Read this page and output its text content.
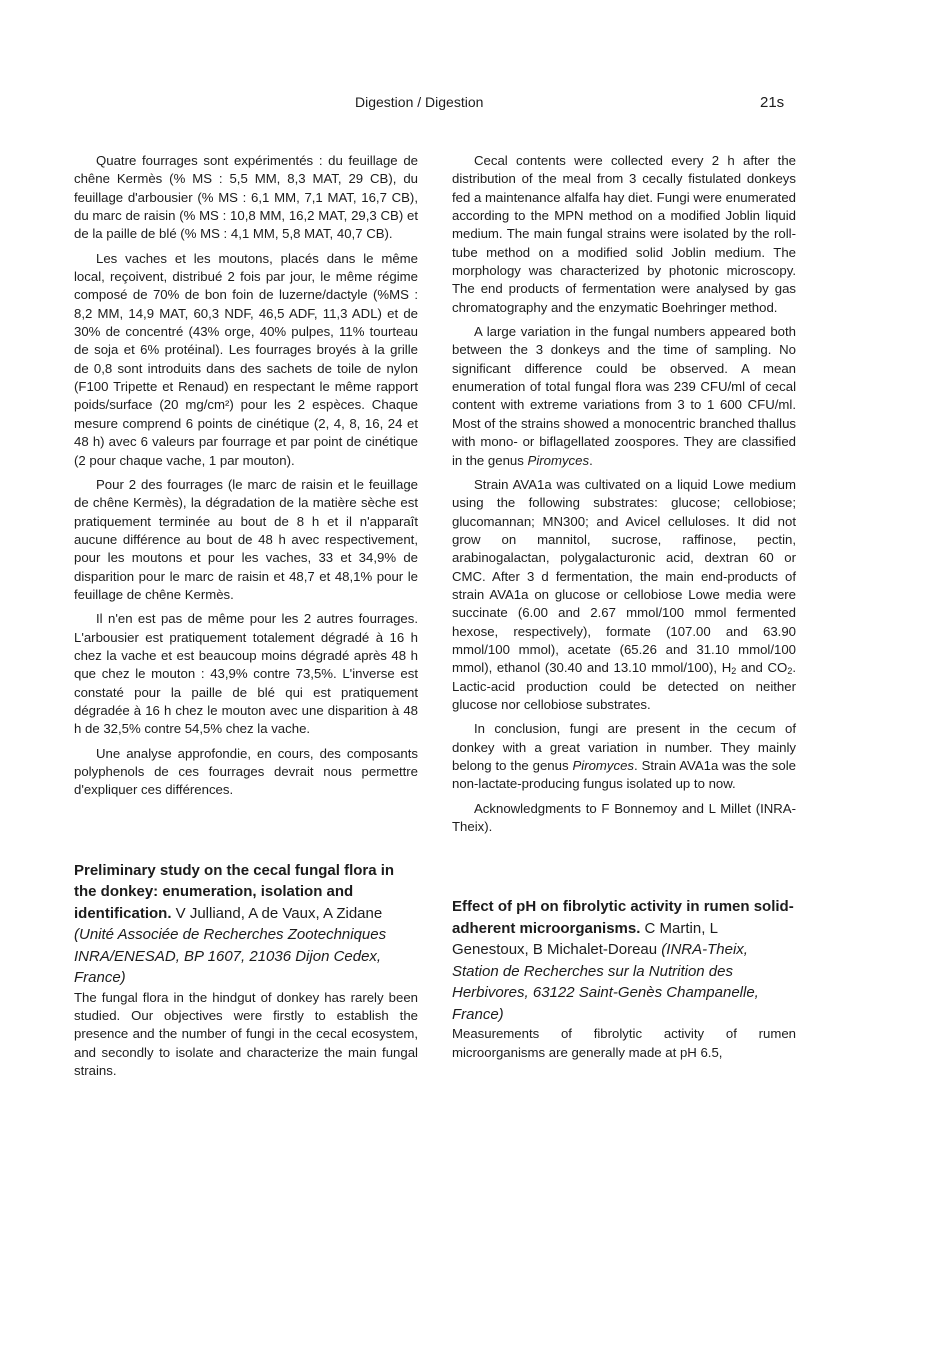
Digestion / Digestion	21s

Quatre fourrages sont expérimentés : du feuillage de chêne Kermès (% MS : 5,5 MM, 8,3 MAT, 29 CB), du feuillage d'arbousier (% MS : 6,1 MM, 7,1 MAT, 16,7 CB), du marc de raisin (% MS : 10,8 MM, 16,2 MAT, 29,3 CB) et de la paille de blé (% MS : 4,1 MM, 5,8 MAT, 40,7 CB).

Les vaches et les moutons, placés dans le même local, reçoivent, distribué 2 fois par jour, le même régime composé de 70% de bon foin de luzerne/dactyle (%MS : 8,2 MM, 14,9 MAT, 60,3 NDF, 46,5 ADF, 11,3 ADL) et de 30% de concentré (43% orge, 40% pulpes, 11% tourteau de soja et 6% protéinal). Les fourrages broyés à la grille de 0,8 sont introduits dans des sachets de toile de nylon (F100 Tripette et Renaud) en respectant le même rapport poids/surface (20 mg/cm²) pour les 2 espèces. Chaque mesure comprend 6 points de cinétique (2, 4, 8, 16, 24 et 48 h) avec 6 valeurs par fourrage et par point de cinétique (2 pour chaque vache, 1 par mouton).

Pour 2 des fourrages (le marc de raisin et le feuillage de chêne Kermès), la dégradation de la matière sèche est pratiquement terminée au bout de 8 h et il n'apparaît aucune différence au bout de 48 h avec respectivement, pour les moutons et pour les vaches, 33 et 34,9% de disparition pour le marc de raisin et 48,7 et 48,1% pour le feuillage de chêne Kermès.

Il n'en est pas de même pour les 2 autres fourrages. L'arbousier est pratiquement totalement dégradé à 16 h chez la vache et est beaucoup moins dégradé après 48 h que chez le mouton : 43,9% contre 73,5%. L'inverse est constaté pour la paille de blé qui est pratiquement dégradée à 16 h chez le mouton avec une disparition à 48 h de 32,5% contre 54,5% chez la vache.

Une analyse approfondie, en cours, des composants polyphenols de ces fourrages devrait nous permettre d'expliquer ces différences.

Preliminary study on the cecal fungal flora in the donkey: enumeration, isolation and identification. V Julliand, A de Vaux, A Zidane (Unité Associée de Recherches Zootechniques INRA/ENESAD, BP 1607, 21036 Dijon Cedex, France)

The fungal flora in the hindgut of donkey has rarely been studied. Our objectives were firstly to establish the presence and the number of fungi in the cecal ecosystem, and secondly to isolate and characterize the main fungal strains.

Cecal contents were collected every 2 h after the distribution of the meal from 3 cecally fistulated donkeys fed a maintenance alfalfa hay diet. Fungi were enumerated according to the MPN method on a modified Joblin liquid medium. The main fungal strains were isolated by the roll-tube method on a modified solid Joblin medium. The morphology was characterized by photonic microscopy. The end products of fermentation were analysed by gas chromatography and the enzymatic Boehringer method.

A large variation in the fungal numbers appeared both between the 3 donkeys and the time of sampling. No significant difference could be observed. A mean enumeration of total fungal flora was 239 CFU/ml of cecal content with extreme variations from 3 to 1 600 CFU/ml. Most of the strains showed a monocentric branched thallus with mono- or biflagellated zoospores. They are classified in the genus Piromyces.

Strain AVA1a was cultivated on a liquid Lowe medium using the following substrates: glucose; cellobiose; glucomannan; MN300; and Avicel celluloses. It did not grow on mannitol, sucrose, raffinose, pectin, arabinogalactan, polygalacturonic acid, dextran 60 or CMC. After 3 d fermentation, the main end-products of strain AVA1a on glucose or cellobiose Lowe media were succinate (6.00 and 2.67 mmol/100 mmol fermented hexose, respectively), formate (107.00 and 63.90 mmol/100 mmol), acetate (65.26 and 31.10 mmol/100 mmol), ethanol (30.40 and 13.10 mmol/100), $H_2$ and $CO_2$. Lactic-acid production could be detected on neither glucose nor cellobiose substrates.

In conclusion, fungi are present in the cecum of donkey with a great variation in number. They mainly belong to the genus Piromyces. Strain AVA1a was the sole non-lactate-producing fungus isolated up to now.

Acknowledgments to F Bonnemoy and L Millet (INRA-Theix).

Effect of pH on fibrolytic activity in rumen solid-adherent microorganisms. C Martin, L Genestoux, B Michalet-Doreau (INRA-Theix, Station de Recherches sur la Nutrition des Herbivores, 63122 Saint-Genès Champanelle, France)

Measurements of fibrolytic activity of rumen microorganisms are generally made at pH 6.5,
